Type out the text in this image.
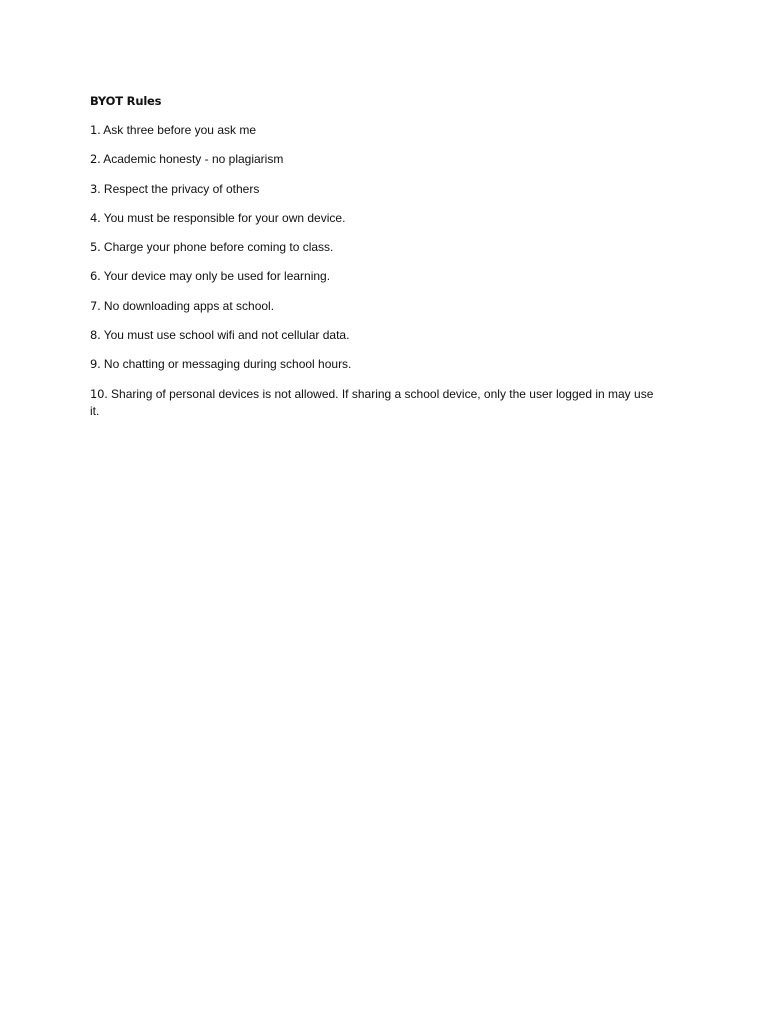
BYOT Rules
1. Ask three before you ask me
2. Academic honesty - no plagiarism
3. Respect the privacy of others
4. You must be responsible for your own device.
5. Charge your phone before coming to class.
6. Your device may only be used for learning.
7. No downloading apps at school.
8. You must use school wifi and not cellular data.
9. No chatting or messaging during school hours.
10. Sharing of personal devices is not allowed. If sharing a school device, only the user logged in may use it.
